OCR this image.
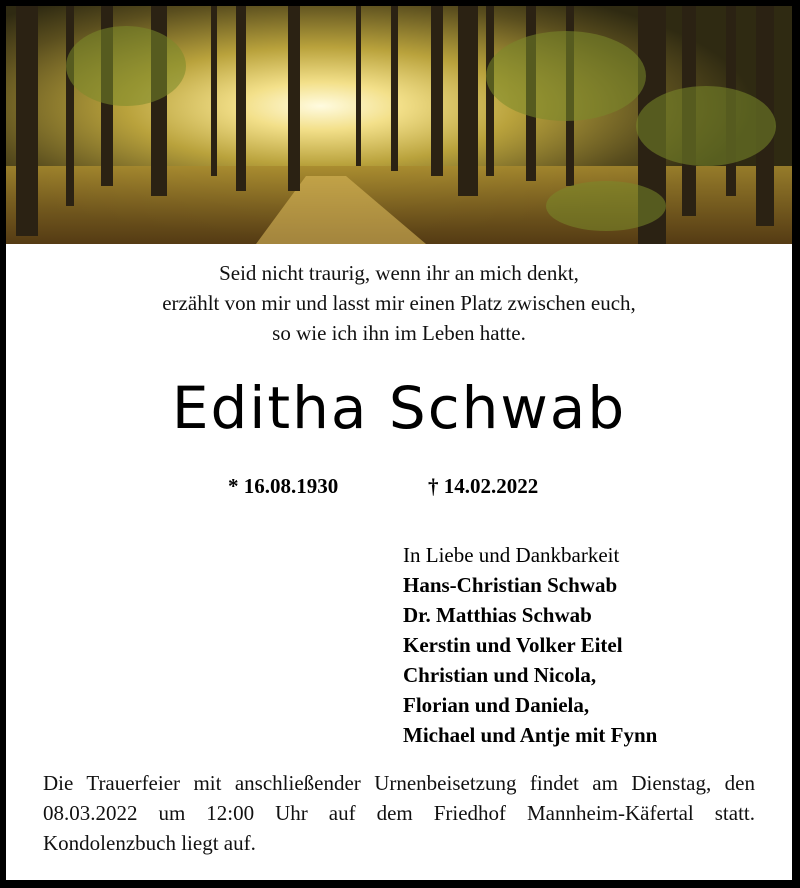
Seid nicht traurig, wenn ihr an mich denkt,
erzählt von mir und lasst mir einen Platz zwischen euch,
so wie ich ihn im Leben hatte.
Editha Schwab
* 16.08.1930	† 14.02.2022
In Liebe und Dankbarkeit
Hans-Christian Schwab
Dr. Matthias Schwab
Kerstin und Volker Eitel
Christian und Nicola,
Florian und Daniela,
Michael und Antje mit Fynn
Die Trauerfeier mit anschließender Urnenbeisetzung findet am Dienstag, den 08.03.2022 um 12:00 Uhr auf dem Friedhof Mannheim-Käfertal statt. Kondolenzbuch liegt auf.
